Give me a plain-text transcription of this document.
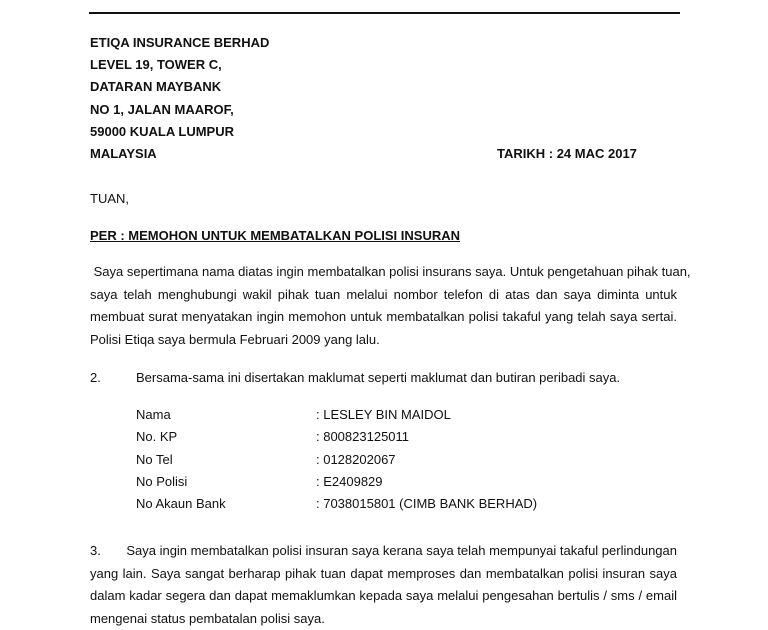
ETIQA INSURANCE BERHAD
LEVEL 19, TOWER C,
DATARAN MAYBANK
NO 1, JALAN MAAROF,
59000 KUALA LUMPUR
MALAYSIA	TARIKH : 24 MAC 2017
TUAN,
PER : MEMOHON UNTUK MEMBATALKAN POLISI INSURAN
Saya sepertimana nama diatas ingin membatalkan polisi insurans saya. Untuk pengetahuan pihak tuan,
saya telah menghubungi wakil pihak tuan melalui nombor telefon di atas dan saya diminta untuk
membuat surat menyatakan ingin memohon untuk membatalkan polisi takaful yang telah saya sertai.
Polisi Etiqa saya bermula Februari 2009 yang lalu.
2.	Bersama-sama ini disertakan maklumat seperti maklumat dan butiran peribadi saya.
Nama	: LESLEY BIN MAIDOL
No. KP	: 800823125011
No Tel	: 0128202067
No Polisi	: E2409829
No Akaun Bank	: 7038015801 (CIMB BANK BERHAD)
3.	Saya ingin membatalkan polisi insuran saya kerana saya telah mempunyai takaful perlindungan
yang lain. Saya sangat berharap pihak tuan dapat memproses dan membatalkan polisi insuran saya
dalam kadar segera dan dapat memaklumkan kepada saya melalui pengesahan bertulis / sms / email
mengenai status pembatalan polisi saya.
